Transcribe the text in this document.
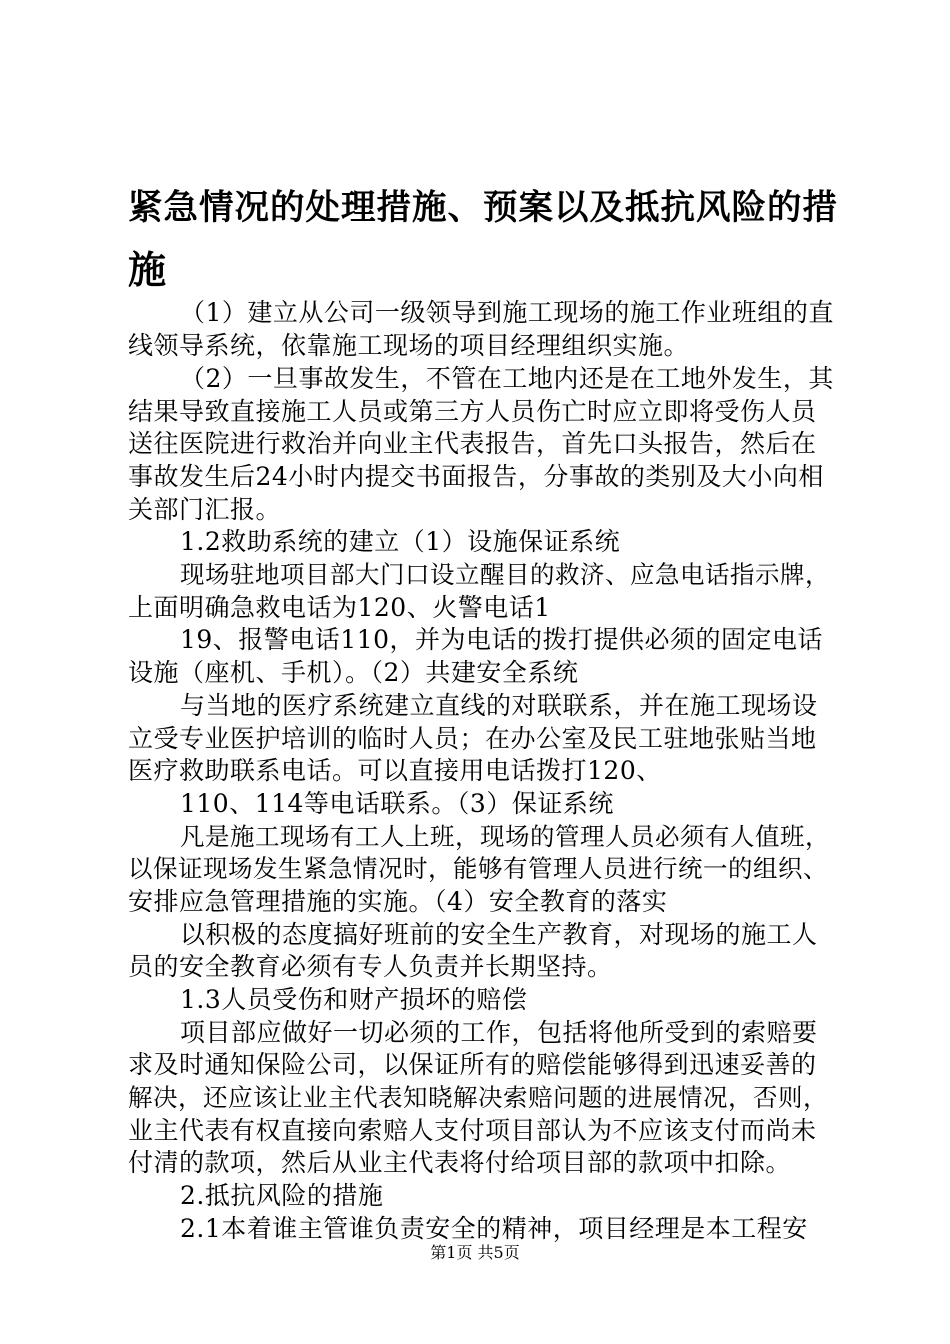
紧急情况的处理措施、预案以及抵抗风险的措
施
（1）建立从公司一级领导到施工现场的施工作业班组的直
线领导系统，依靠施工现场的项目经理组织实施。
（2）一旦事故发生，不管在工地内还是在工地外发生，其
结果导致直接施工人员或第三方人员伤亡时应立即将受伤人员
送往医院进行救治并向业主代表报告，首先口头报告，然后在
事故发生后24小时内提交书面报告，分事故的类别及大小向相
关部门汇报。
1.2救助系统的建立（1）设施保证系统
现场驻地项目部大门口设立醒目的救济、应急电话指示牌，
上面明确急救电话为120、火警电话1
19、报警电话110，并为电话的拨打提供必须的固定电话
设施（座机、手机）。（2）共建安全系统
与当地的医疗系统建立直线的对联联系，并在施工现场设
立受专业医护培训的临时人员；在办公室及民工驻地张贴当地
医疗救助联系电话。可以直接用电话拨打120、
110、114等电话联系。（3）保证系统
凡是施工现场有工人上班，现场的管理人员必须有人值班，
以保证现场发生紧急情况时，能够有管理人员进行统一的组织、
安排应急管理措施的实施。（4）安全教育的落实
以积极的态度搞好班前的安全生产教育，对现场的施工人
员的安全教育必须有专人负责并长期坚持。
1.3人员受伤和财产损坏的赔偿
项目部应做好一切必须的工作，包括将他所受到的索赔要
求及时通知保险公司，以保证所有的赔偿能够得到迅速妥善的
解决，还应该让业主代表知晓解决索赔问题的进展情况，否则，
业主代表有权直接向索赔人支付项目部认为不应该支付而尚未
付清的款项，然后从业主代表将付给项目部的款项中扣除。
2.抵抗风险的措施
2.1本着谁主管谁负责安全的精神，项目经理是本工程安
第1页 共5页
